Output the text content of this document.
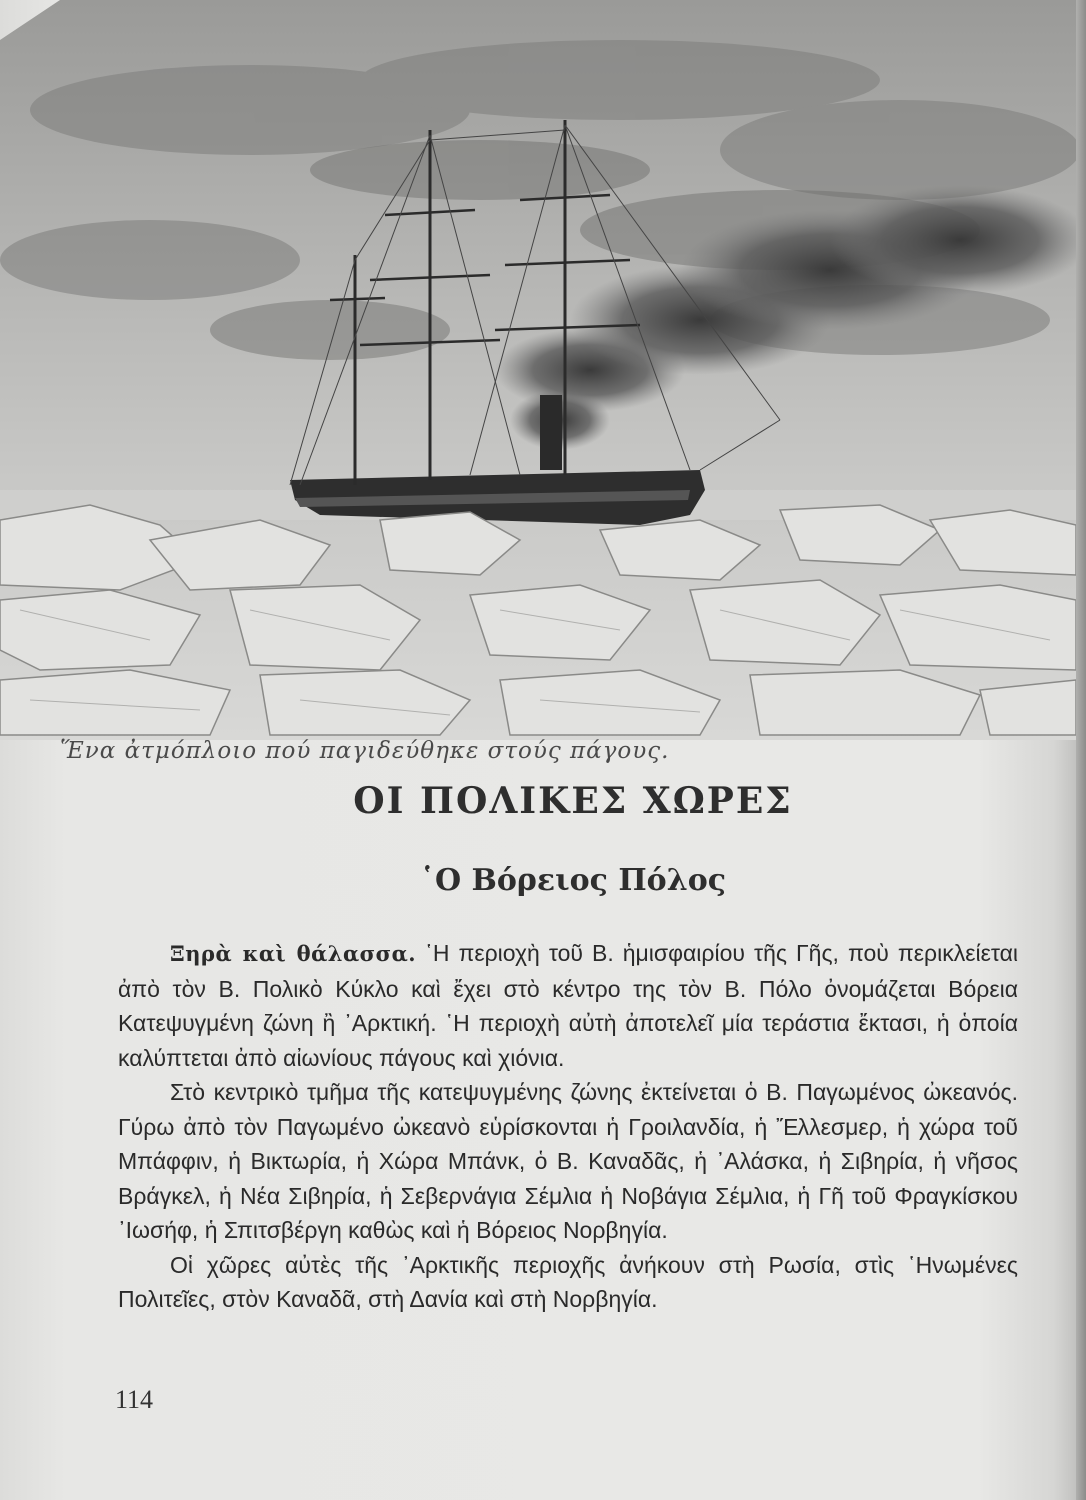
Ἕνα ἀτμόπλοιο πού παγιδεύθηκε στούς πάγους.
ΟΙ ΠΟΛΙΚΕΣ ΧΩΡΕΣ
῾Ο Βόρειος Πόλος

Ξηρὰ καὶ θάλασσα. ῾Η περιοχὴ τοῦ Β. ἡμισφαιρίου τῆς Γῆς, ποὺ περικλείεται ἀπὸ τὸν Β. Πολικὸ Κύκλο καὶ ἔχει στὸ κέντρο της τὸν Β. Πόλο ὀνομάζεται Βόρεια Κατεψυγμένη ζώνη ἢ ᾿Αρκτική. ῾Η περιοχὴ αὐτὴ ἀποτελεῖ μία τεράστια ἔκτασι, ἡ ὁποία καλύπτεται ἀπὸ αἰωνίους πάγους καὶ χιόνια.

Στὸ κεντρικὸ τμῆμα τῆς κατεψυγμένης ζώνης ἐκτείνεται ὁ Β. Παγωμένος ὠκεανός. Γύρω ἀπὸ τὸν Παγωμένο ὠκεανὸ εὑρίσκονται ἡ Γροιλανδία, ἡ Ἔλλεσμερ, ἡ χώρα τοῦ Μπάφφιν, ἡ Βικτωρία, ἡ Χώρα Μπάνκ, ὁ Β. Καναδᾶς, ἡ ᾿Αλάσκα, ἡ Σιβηρία, ἡ νῆσος Βράγκελ, ἡ Νέα Σιβηρία, ἡ Σεβερνάγια Σέμλια ἡ Νοβάγια Σέμλια, ἡ Γῆ τοῦ Φραγκίσκου ᾿Ιωσήφ, ἡ Σπιτσβέργη καθὼς καὶ ἡ Βόρειος Νορβηγία.

Οἱ χῶρες αὐτὲς τῆς ᾿Αρκτικῆς περιοχῆς ἀνήκουν στὴ Ρωσία, στὶς ῾Ηνωμένες Πολιτεῖες, στὸν Καναδᾶ, στὴ Δανία καὶ στὴ Νορβηγία.

114
